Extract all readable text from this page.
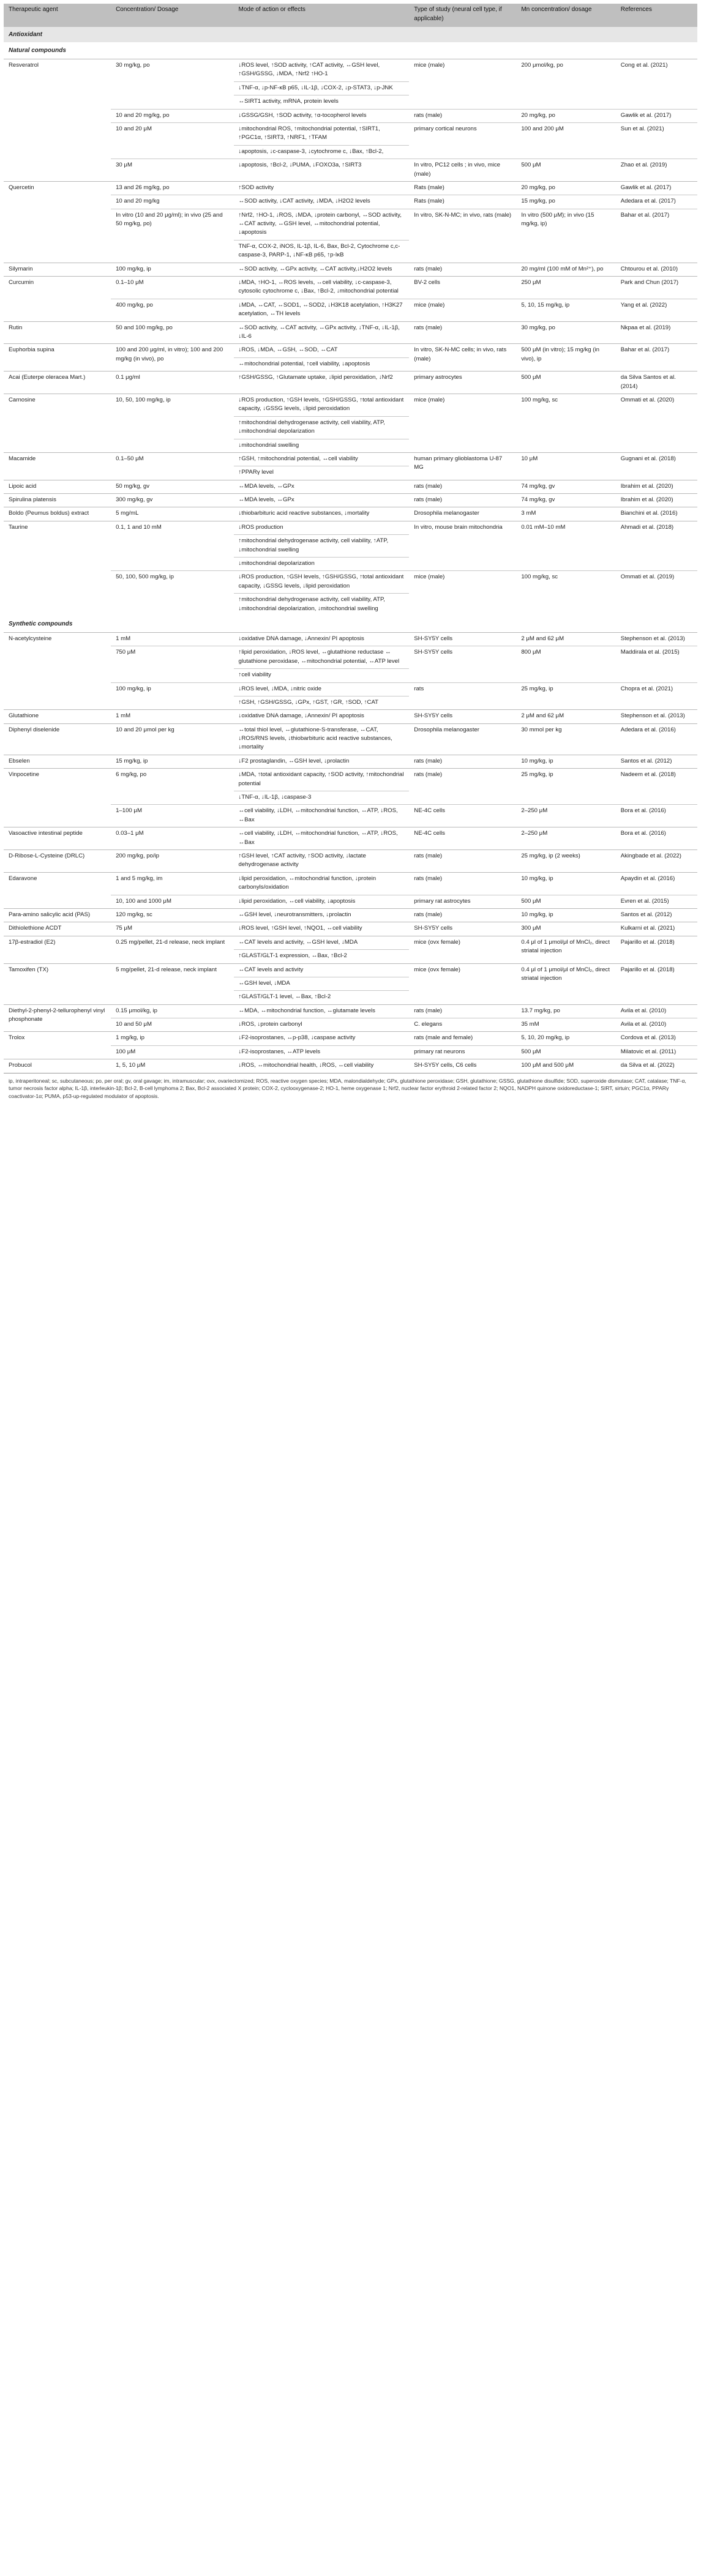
Therapeutic agent	Concentration/ Dosage	Mode of action or effects	Type of study (neural cell type, if applicable)	Mn concentration/ dosage	References
Antioxidant					
Natural compounds					
Resveratrol	30 mg/kg, po	↓ROS level, ↑SOD activity, ↑CAT activity, ↔GSH level, ↑GSH/GSSG, ↓MDA, ↑Nrf2 ↑HO-1
↓TNF-α, ↓p-NF-κB p65, ↓IL-1β, ↓COX-2, ↓p-STAT3, ↓p-JNK
↔SIRT1 activity, mRNA, protein levels	mice (male)	200 μmol/kg, po	Cong et al. (2021)
	10 and 20 mg/kg, po	↓GSSG/GSH, ↑SOD activity, ↑α-tocopherol levels	rats (male)	20 mg/kg, po	Gawlik et al. (2017)
	10 and 20 μM	↓mitochondrial ROS, ↑mitochondrial potential, ↑SIRT1, ↑PGC1α, ↑SIRT3, ↑NRF1, ↑TFAM
↓apoptosis, ↓c-caspase-3, ↓cytochrome c, ↓Bax, ↑Bcl-2,	primary cortical neurons	100 and 200 μM	Sun et al. (2021)
	30 μM	↓apoptosis, ↑Bcl-2, ↓PUMA, ↓FOXO3a, ↑SIRT3	In vitro, PC12 cells ; in vivo, mice (male)	500 μM	Zhao et al. (2019)
Quercetin	13 and 26 mg/kg, po	↑SOD activity	Rats (male)	20 mg/kg, po	Gawlik et al. (2017)
	10 and 20 mg/kg	↔SOD activity, ↓CAT activity, ↓MDA, ↓H2O2 levels	Rats (male)	15 mg/kg, po	Adedara et al. (2017)
	In vitro (10 and 20 μg/ml); in vivo (25 and 50 mg/kg, po)	↑Nrf2, ↑HO-1, ↓ROS, ↓MDA, ↓protein carbonyl, ↔SOD activity, ↔CAT activity, ↔GSH level, ↔mitochondrial potential, ↓apoptosis
TNF-α, COX-2, iNOS, IL-1β, IL-6, Bax, Bcl-2, Cytochrome c,c-caspase-3, PARP-1, ↓NF-κB p65, ↑p-IκB	In vitro, SK-N-MC; in vivo, rats (male)	In vitro (500 μM); in vivo (15 mg/kg, ip)	Bahar et al. (2017)
Silymarin	100 mg/kg, ip	↔SOD activity, ↔GPx activity, ↔CAT activity,↓H2O2 levels	rats (male)	20 mg/ml (100 mM of Mn²⁺), po	Chtourou et al. (2010)
Curcumin	0.1–10 μM	↓MDA, ↑HO-1, ↔ROS levels, ↔cell viability, ↓c-caspase-3, cytosolic cytochrome c, ↓Bax, ↑Bcl-2, ↓mitochondrial potential	BV-2 cells	250 μM	Park and Chun (2017)
	400 mg/kg, po	↓MDA, ↔CAT, ↔SOD1, ↔SOD2, ↓H3K18 acetylation, ↑H3K27 acetylation, ↔TH levels	mice (male)	5, 10, 15 mg/kg, ip	Yang et al. (2022)
Rutin	50 and 100 mg/kg, po	↔SOD activity, ↔CAT activity, ↔GPx activity, ↓TNF-α, ↓IL-1β, ↓IL-6	rats (male)	30 mg/kg, po	Nkpaa et al. (2019)
Euphorbia supina	100 and 200 μg/ml, in vitro); 100 and 200 mg/kg (in vivo), po	↓ROS, ↓MDA, ↔GSH, ↔SOD, ↔CAT
↔mitochondrial potential, ↑cell viability, ↓apoptosis	In vitro, SK-N-MC cells; in vivo, rats (male)	500 μM (in vitro); 15 mg/kg (in vivo), ip	Bahar et al. (2017)
Acai (Euterpe oleracea Mart.)	0.1 μg/ml	↑GSH/GSSG, ↑Glutamate uptake, ↓lipid peroxidation, ↓Nrf2	primary astrocytes	500 μM	da Silva Santos et al. (2014)
Carnosine	10, 50, 100 mg/kg, ip	↓ROS production, ↑GSH levels, ↑GSH/GSSG, ↑total antioxidant capacity, ↓GSSG levels, ↓lipid peroxidation
↑mitochondrial dehydrogenase activity, cell viability, ATP, ↓mitochondrial depolarization
↓mitochondrial swelling	mice (male)	100 mg/kg, sc	Ommati et al. (2020)
Macamide	0.1–50 μM	↑GSH, ↑mitochondrial potential, ↔cell viability
↑PPARγ level	human primary glioblastoma U-87 MG	10 μM	Gugnani et al. (2018)
Lipoic acid	50 mg/kg, gv	↔MDA levels, ↔GPx	rats (male)	74 mg/kg, gv	Ibrahim et al. (2020)
Spirulina platensis	300 mg/kg, gv	↔MDA levels, ↔GPx	rats (male)	74 mg/kg, gv	Ibrahim et al. (2020)
Boldo (Peumus boldus) extract	5 mg/mL	↓thiobarbituric acid reactive substances, ↓mortality	Drosophila melanogaster	3 mM	Bianchini et al. (2016)
Taurine	0.1, 1 and 10 mM	↓ROS production
↑mitochondrial dehydrogenase activity, cell viability, ↑ATP, ↓mitochondrial swelling
↓mitochondrial depolarization	In vitro, mouse brain mitochondria	0.01 mM–10 mM	Ahmadi et al. (2018)
	50, 100, 500 mg/kg, ip	↓ROS production, ↑GSH levels, ↑GSH/GSSG, ↑total antioxidant capacity, ↓GSSG levels, ↓lipid peroxidation
↑mitochondrial dehydrogenase activity, cell viability, ATP, ↓mitochondrial depolarization, ↓mitochondrial swelling	mice (male)	100 mg/kg, sc	Ommati et al. (2019)
Synthetic compounds					
N-acetylcysteine	1 mM	↓oxidative DNA damage, ↓Annexin/ PI apoptosis	SH-SY5Y cells	2 μM and 62 μM	Stephenson et al. (2013)
	750 μM	↑lipid peroxidation, ↓ROS level, ↔glutathione reductase ↔ glutathione peroxidase, ↔mitochondrial potential, ↔ATP level
↑cell viability	SH-SY5Y cells	800 μM	Maddirala et al. (2015)
	100 mg/kg, ip	↓ROS level, ↓MDA, ↓nitric oxide
↑GSH, ↑GSH/GSSG, ↓GPx, ↑GST, ↑GR, ↑SOD, ↑CAT	rats	25 mg/kg, ip	Chopra et al. (2021)
Glutathione	1 mM	↓oxidative DNA damage, ↓Annexin/ PI apoptosis	SH-SY5Y cells	2 μM and 62 μM	Stephenson et al. (2013)
Diphenyl diselenide	10 and 20 μmol per kg	↔total thiol level, ↔glutathione-S-transferase, ↔CAT, ↓ROS/RNS levels, ↓thiobarbituric acid reactive substances, ↓mortality	Drosophila melanogaster	30 mmol per kg	Adedara et al. (2016)
Ebselen	15 mg/kg, ip	↓F2 prostaglandin, ↔GSH level, ↓prolactin	rats (male)	10 mg/kg, ip	Santos et al. (2012)
Vinpocetine	6 mg/kg, po	↓MDA, ↑total antioxidant capacity, ↑SOD activity, ↑mitochondrial potential
↓TNF-α, ↓IL-1β, ↓caspase-3	rats (male)	25 mg/kg, ip	Nadeem et al. (2018)
	1–100 μM	↔cell viability, ↓LDH, ↔mitochondrial function, ↔ATP, ↓ROS, ↔Bax	NE-4C cells	2–250 μM	Bora et al. (2016)
Vasoactive intestinal peptide	0.03–1 μM	↔cell viability, ↓LDH, ↔mitochondrial function, ↔ATP, ↓ROS, ↔Bax	NE-4C cells	2–250 μM	Bora et al. (2016)
D-Ribose-L-Cysteine (DRLC)	200 mg/kg, po/ip	↑GSH level, ↑CAT activity, ↑SOD activity, ↓lactate dehydrogenase activity	rats (male)	25 mg/kg, ip (2 weeks)	Akingbade et al. (2022)
Edaravone	1 and 5 mg/kg, im	↓lipid peroxidation, ↔mitochondrial function, ↓protein carbonyls/oxidation	rats (male)	10 mg/kg, ip	Apaydin et al. (2016)
	10, 100 and 1000 μM	↓lipid peroxidation, ↔cell viability, ↓apoptosis	primary rat astrocytes	500 μM	Evren et al. (2015)
Para-amino salicylic acid (PAS)	120 mg/kg, sc	↔GSH level, ↓neurotransmitters, ↓prolactin	rats (male)	10 mg/kg, ip	Santos et al. (2012)
Dithiolethione ACDT	75 μM	↓ROS level, ↑GSH level, ↑NQO1, ↔cell viability	SH-SY5Y cells	300 μM	Kulkarni et al. (2021)
17β-estradiol (E2)	0.25 mg/pellet, 21-d release, neck implant	↔CAT levels and activity, ↔GSH level, ↓MDA
↑GLAST/GLT-1 expression, ↔Bax, ↑Bcl-2	mice (ovx female)	0.4 μl of 1 μmol/μl of MnCl₂, direct striatal injection	Pajarillo et al. (2018)
Tamoxifen (TX)	5 mg/pellet, 21-d release, neck implant	↔CAT levels and activity
↔GSH level, ↓MDA
↑GLAST/GLT-1 level, ↔Bax, ↑Bcl-2	mice (ovx female)	0.4 μl of 1 μmol/μl of MnCl₂, direct striatal injection	Pajarillo et al. (2018)
Diethyl-2-phenyl-2-tellurophenyl vinyl phosphonate	0.15 μmol/kg, ip	↔MDA, ↔mitochondrial function, ↔glutamate levels	rats (male)	13.7 mg/kg, po	Avila et al. (2010)
	10 and 50 μM	↓ROS, ↓protein carbonyl	C. elegans	35 mM	Avila et al. (2010)
Trolox	1 mg/kg, ip	↓F2-isoprostanes, ↔p-p38, ↓caspase activity	rats (male and female)	5, 10, 20 mg/kg, ip	Cordova et al. (2013)
	100 μM	↓F2-isoprostanes, ↔ATP levels	primary rat neurons	500 μM	Milatovic et al. (2011)
Probucol	1, 5, 10 μM	↓ROS, ↔mitochondrial health, ↓ROS, ↔cell viability	SH-SY5Y cells, C6 cells	100 μM and 500 μM	da Silva et al. (2022)
ip, intraperitoneal; sc, subcutaneous; po, per oral; gv, oral gavage; im, intramuscular; ovx, ovariectomized; ROS, reactive oxygen species; MDA, malondialdehyde; GPx, glutathione peroxidase; GSH, glutathione; GSSG, glutathione disulfide; SOD, superoxide dismutase; CAT, catalase; TNF-α, tumor necrosis factor alpha; IL-1β, interleukin-1β; Bcl-2, B-cell lymphoma 2; Bax, Bcl-2 associated X protein; COX-2, cyclooxygenase-2; HO-1, heme oxygenase 1; Nrf2, nuclear factor erythroid 2-related factor 2; NQO1, NADPH quinone oxidoreductase-1; SIRT, sirtuin; PGC1α, PPARγ coactivator-1α; PUMA, p53-up-regulated modulator of apoptosis.
